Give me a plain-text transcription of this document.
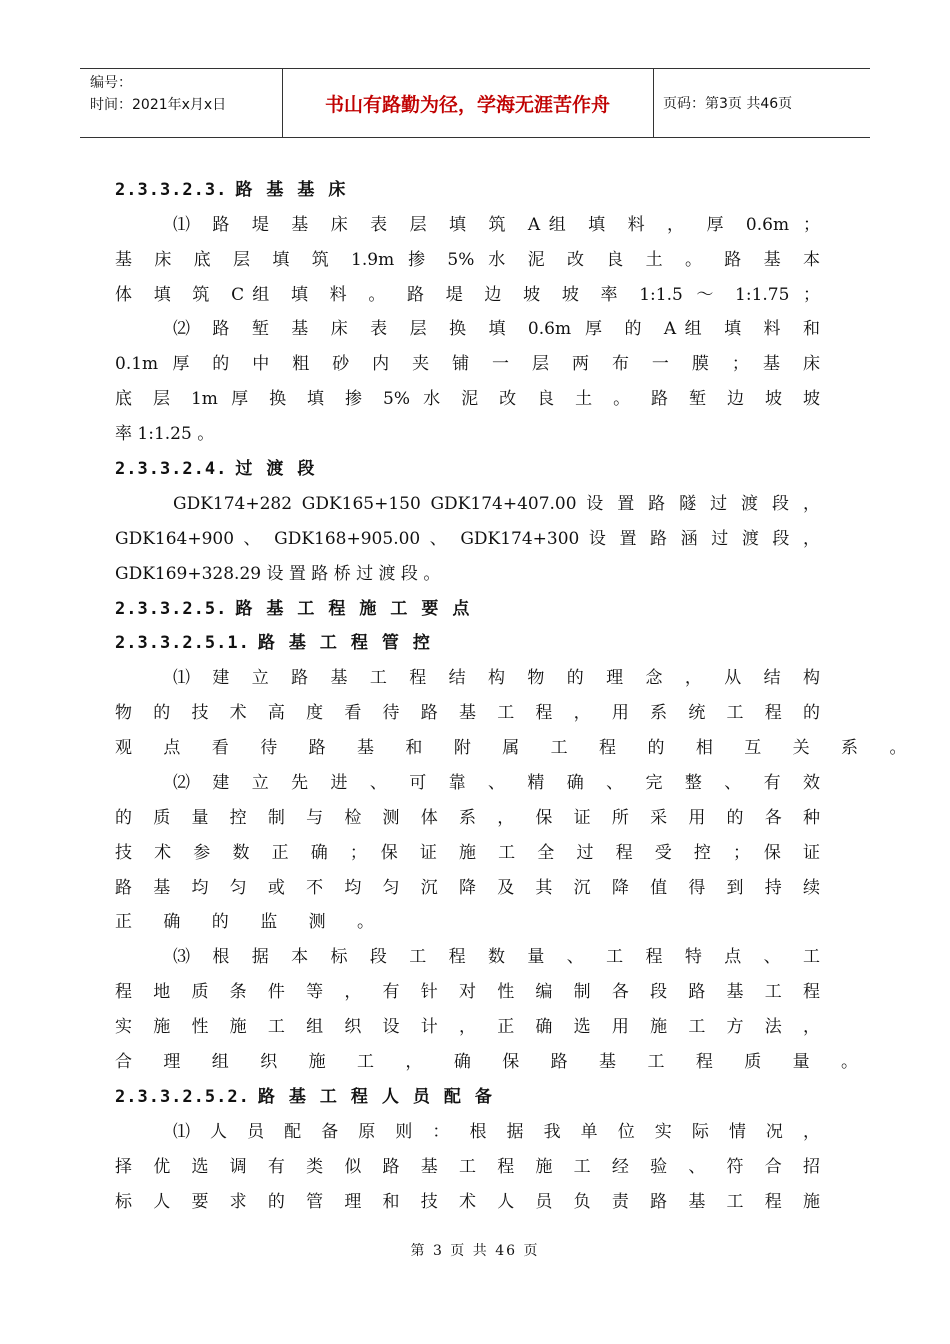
编号：
时间：2021年x月x日	书山有路勤为径，学海无涯苦作舟	页码：第3页 共46页
2.3.3.2.3. 路基基床
⑴ 路 堤 基 床 表 层 填 筑 A组 填 料 ， 厚 0.6m ；
基 床 底 层 填 筑 1.9m 掺 5% 水 泥 改 良 土 。 路 基 本
体 填 筑 C组 填 料 。 路 堤 边 坡 坡 率 1:1.5 ～ 1:1.75 ；
⑵ 路 堑 基 床 表 层 换 填 0.6m 厚 的 A组 填 料 和
0.1m 厚 的 中 粗 砂 内 夹 铺 一 层 两 布 一 膜 ； 基 床
底 层 1m 厚 换 填 掺 5% 水 泥 改 良 土 。 路 堑 边 坡 坡
率 1:1.25 。
2.3.3.2.4. 过渡段
GDK174+282 GDK165+150 GDK174+407.00 设 置 路 隧 过 渡 段 ，
GDK164+900 、 GDK168+905.00 、 GDK174+300 设 置 路 涵 过 渡 段 ，
GDK169+328.29 设 置 路 桥 过 渡 段 。
2.3.3.2.5. 路基工程施工要点
2.3.3.2.5.1. 路基工程管控
⑴ 建 立 路 基 工 程 结 构 物 的 理 念 ， 从 结 构
物 的 技 术 高 度 看 待 路 基 工 程 ， 用 系 统 工 程 的
观 点 看 待 路 基 和 附 属 工 程 的 相 互 关 系 。
⑵ 建 立 先 进 、 可 靠 、 精 确 、 完 整 、 有 效
的 质 量 控 制 与 检 测 体 系 ， 保 证 所 采 用 的 各 种
技 术 参 数 正 确 ； 保 证 施 工 全 过 程 受 控 ； 保 证
路 基 均 匀 或 不 均 匀 沉 降 及 其 沉 降 值 得 到 持 续
正 确 的 监 测 。
⑶ 根 据 本 标 段 工 程 数 量 、 工 程 特 点 、 工
程 地 质 条 件 等 ， 有 针 对 性 编 制 各 段 路 基 工 程
实 施 性 施 工 组 织 设 计 ， 正 确 选 用 施 工 方 法 ，
合 理 组 织 施 工 ， 确 保 路 基 工 程 质 量 。
2.3.3.2.5.2. 路基工程人员配备
⑴ 人 员 配 备 原 则 ： 根 据 我 单 位 实 际 情 况 ，
择 优 选 调 有 类 似 路 基 工 程 施 工 经 验 、 符 合 招
标 人 要 求 的 管 理 和 技 术 人 员 负 责 路 基 工 程 施
第 3 页 共 46 页
